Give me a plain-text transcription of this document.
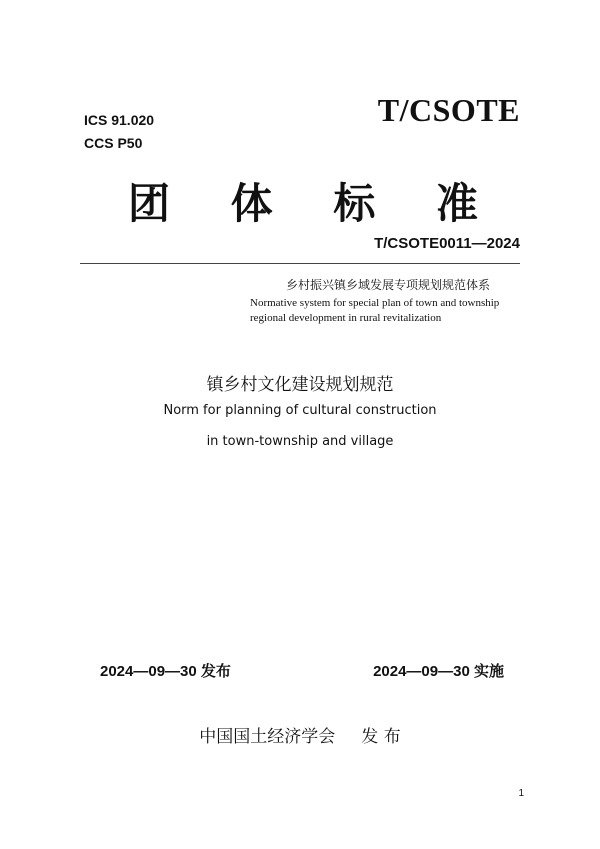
ICS 91.020
CCS P50
T/CSOTE
团 体 标 准
T/CSOTE0011—2024
乡村振兴镇乡域发展专项规划规范体系
Normative system for special plan of town and township
regional development in rural revitalization
镇乡村文化建设规划规范
Norm for planning of cultural construction
in town-township and village
2024—09—30 发布	2024—09—30 实施
中国国土经济学会 发 布
1
